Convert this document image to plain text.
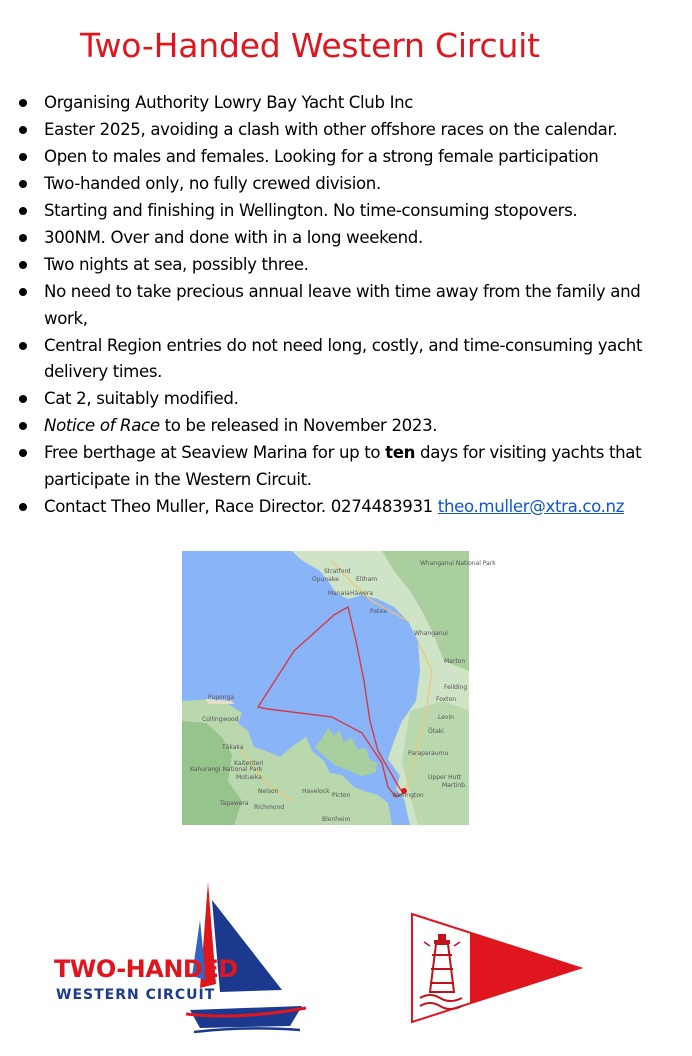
Two-Handed Western Circuit
Organising Authority Lowry Bay Yacht Club Inc
Easter 2025, avoiding a clash with other offshore races on the calendar.
Open to males and females. Looking for a strong female participation
Two-handed only, no fully crewed division.
Starting and finishing in Wellington. No time-consuming stopovers.
300NM. Over and done with in a long weekend.
Two nights at sea, possibly three.
No need to take precious annual leave with time away from the family and work,
Central Region entries do not need long, costly, and time-consuming yacht delivery times.
Cat 2, suitably modified.
Notice of Race to be released in November 2023.
Free berthage at Seaview Marina for up to ten days for visiting yachts that participate in the Western Circuit.
Contact Theo Muller, Race Director. 0274483931 theo.muller@xtra.co.nz
Stratford
Eltham
Opunake
Manaia Hāwera
Patea
Whanganui
Whanganui National Park
Marton
Feilding
Foxton
Levin
Ōtaki
Paraparaumu
Upper Hutt
Martinb.
Wellington
Puponga
Collingwood
Tākaka
Kaiteriteri
Kahurangi National Park
Motueka
Nelson	Havelock
Picton
Tapawera
Richmond
Blenheim
TWO-HANDED
WESTERN CIRCUIT
